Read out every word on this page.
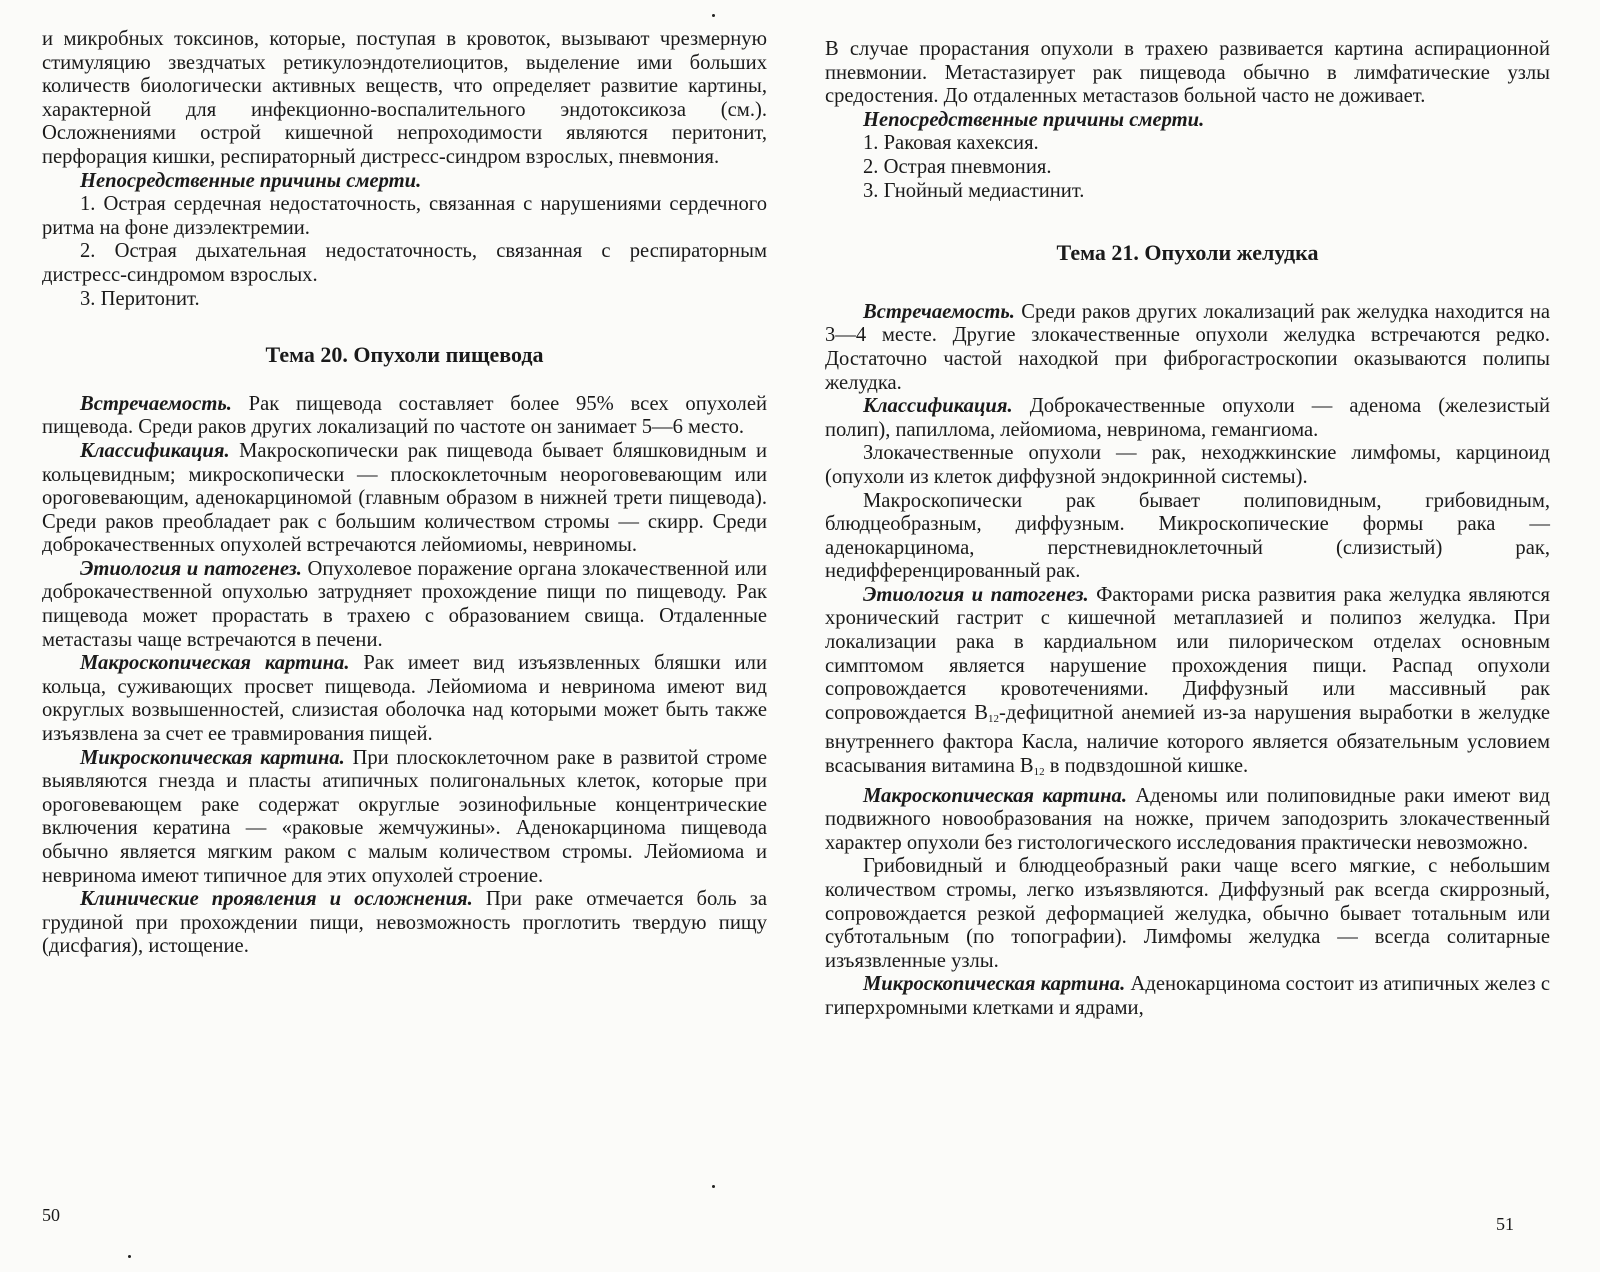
и микробных токсинов, которые, поступая в кровоток, вызывают чрезмерную стимуляцию звездчатых ретикулоэндотелиоцитов, выделение ими больших количеств биологически активных веществ, что определяет развитие картины, характерной для инфекционно-воспалительного эндотоксикоза (см.). Осложнениями острой кишечной непроходимости являются перитонит, перфорация кишки, респираторный дистресс-синдром взрослых, пневмония.

Непосредственные причины смерти.

1. Острая сердечная недостаточность, связанная с нарушениями сердечного ритма на фоне дизэлектремии.

2. Острая дыхательная недостаточность, связанная с респираторным дистресс-синдромом взрослых.

3. Перитонит.

Тема 20. Опухоли пищевода

Встречаемость. Рак пищевода составляет более 95% всех опухолей пищевода. Среди раков других локализаций по частоте он занимает 5—6 место.

Классификация. Макроскопически рак пищевода бывает бляшковидным и кольцевидным; микроскопически — плоскоклеточным неороговевающим или ороговевающим, аденокарциномой (главным образом в нижней трети пищевода). Среди раков преобладает рак с большим количеством стромы — скирр. Среди доброкачественных опухолей встречаются лейомиомы, невриномы.

Этиология и патогенез. Опухолевое поражение органа злокачественной или доброкачественной опухолью затрудняет прохождение пищи по пищеводу. Рак пищевода может прорастать в трахею с образованием свища. Отдаленные метастазы чаще встречаются в печени.

Макроскопическая картина. Рак имеет вид изъязвленных бляшки или кольца, суживающих просвет пищевода. Лейомиома и невринома имеют вид округлых возвышенностей, слизистая оболочка над которыми может быть также изъязвлена за счет ее травмирования пищей.

Микроскопическая картина. При плоскоклеточном раке в развитой строме выявляются гнезда и пласты атипичных полигональных клеток, которые при ороговевающем раке содержат округлые эозинофильные концентрические включения кератина — «раковые жемчужины». Аденокарцинома пищевода обычно является мягким раком с малым количеством стромы. Лейомиома и невринома имеют типичное для этих опухолей строение.

Клинические проявления и осложнения. При раке отмечается боль за грудиной при прохождении пищи, невозможность проглотить твердую пищу (дисфагия), истощение.

50

В случае прорастания опухоли в трахею развивается картина аспирационной пневмонии. Метастазирует рак пищевода обычно в лимфатические узлы средостения. До отдаленных метастазов больной часто не доживает.

Непосредственные причины смерти.

1. Раковая кахексия.

2. Острая пневмония.

3. Гнойный медиастинит.

Тема 21. Опухоли желудка

Встречаемость. Среди раков других локализаций рак желудка находится на 3—4 месте. Другие злокачественные опухоли желудка встречаются редко. Достаточно частой находкой при фиброгастроскопии оказываются полипы желудка.

Классификация. Доброкачественные опухоли — аденома (железистый полип), папиллома, лейомиома, невринома, гемангиома.

Злокачественные опухоли — рак, неходжкинские лимфомы, карциноид (опухоли из клеток диффузной эндокринной системы).

Макроскопически рак бывает полиповидным, грибовидным, блюдцеобразным, диффузным. Микроскопические формы рака — аденокарцинома, перстневидноклеточный (слизистый) рак, недифференцированный рак.

Этиология и патогенез. Факторами риска развития рака желудка являются хронический гастрит с кишечной метаплазией и полипоз желудка. При локализации рака в кардиальном или пилорическом отделах основным симптомом является нарушение прохождения пищи. Распад опухоли сопровождается кровотечениями. Диффузный или массивный рак сопровождается $B_{12}$-дефицитной анемией из-за нарушения выработки в желудке внутреннего фактора Касла, наличие которого является обязательным условием всасывания витамина $B_{12}$ в подвздошной кишке.

Макроскопическая картина. Аденомы или полиповидные раки имеют вид подвижного новообразования на ножке, причем заподозрить злокачественный характер опухоли без гистологического исследования практически невозможно.

Грибовидный и блюдцеобразный раки чаще всего мягкие, с небольшим количеством стромы, легко изъязвляются. Диффузный рак всегда скиррозный, сопровождается резкой деформацией желудка, обычно бывает тотальным или субтотальным (по топографии). Лимфомы желудка — всегда солитарные изъязвленные узлы.

Микроскопическая картина. Аденокарцинома состоит из атипичных желез с гиперхромными клетками и ядрами,

51
